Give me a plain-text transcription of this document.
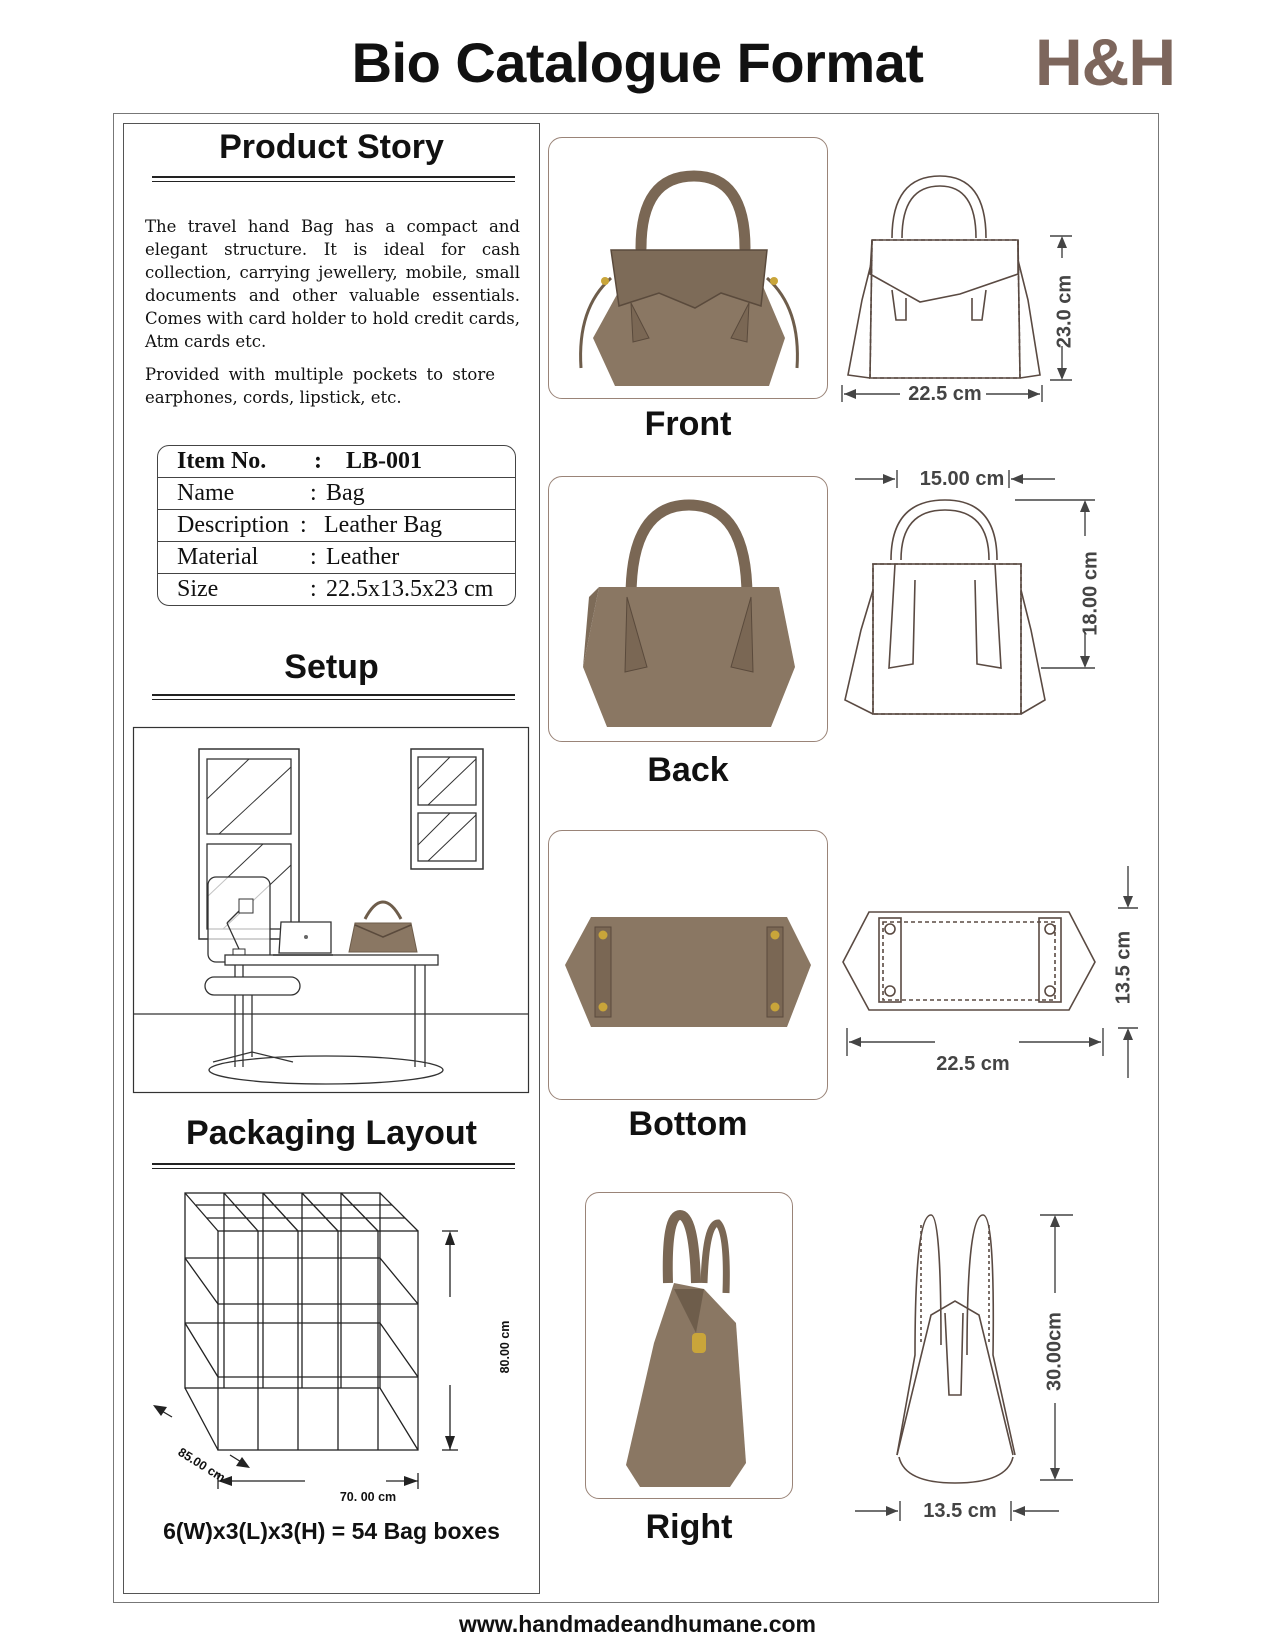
Bio Catalogue Format	H&H
Product Story
The travel hand Bag has a compact and elegant structure. It is ideal for cash collection, carrying jewellery, mobile, small documents and other valuable essentials. Comes with card holder to hold credit cards, Atm cards etc.
Provided with multiple pockets to store earphones, cords, lipstick, etc.
Item No. : LB-001
Name	: Bag
Description : Leather Bag
Material : Leather
Size	: 22.5x13.5x23 cm
Setup
Packaging Layout
85.00 cm
70. 00 cm
80.00 cm
6(W)x3(L)x3(H) = 54 Bag boxes
Front
22.5 cm
23.0 cm
Back
15.00 cm
18.00 cm
Bottom
22.5 cm
13.5 cm
Right	13.5 cm
30.00cm
www.handmadeandhumane.com
